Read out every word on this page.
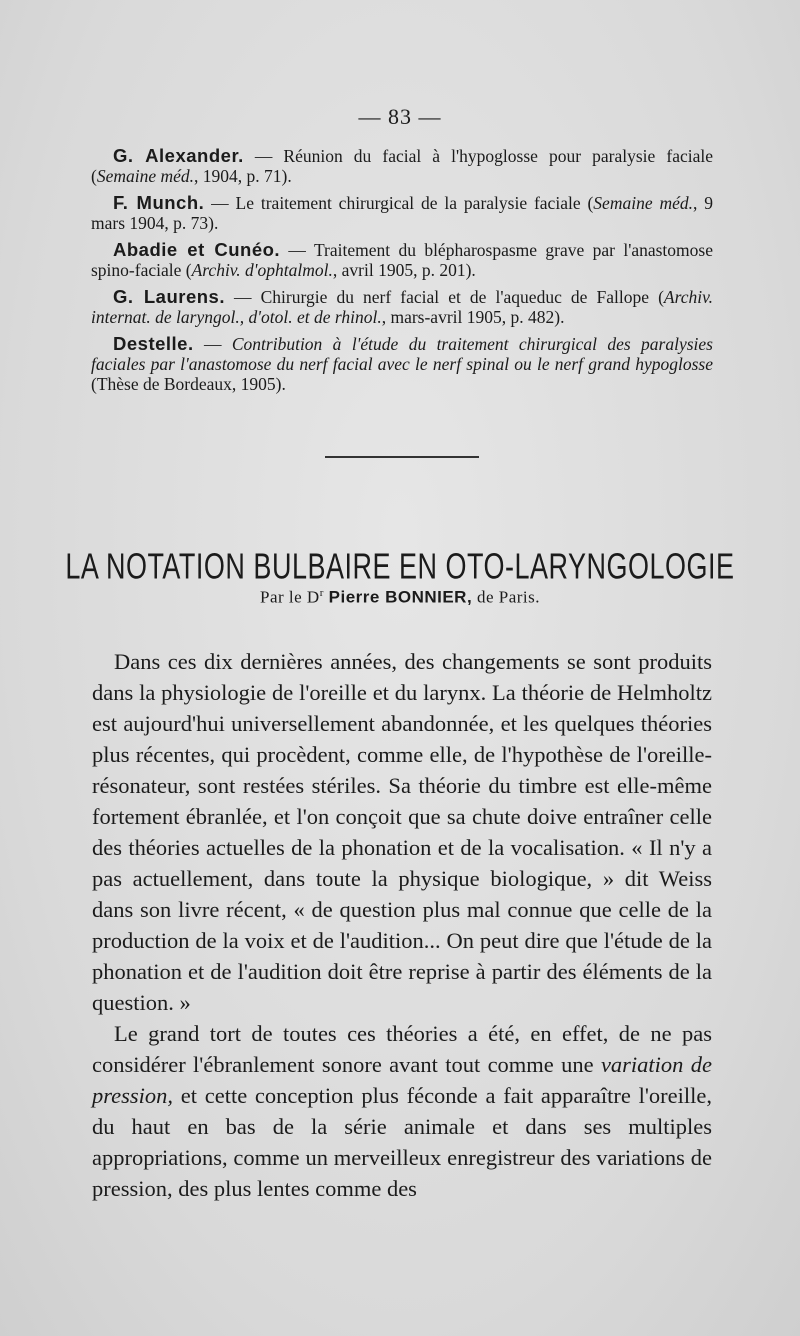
— 83 —

G. Alexander. — Réunion du facial à l'hypoglosse pour paralysie faciale (Semaine méd., 1904, p. 71).

F. Munch. — Le traitement chirurgical de la paralysie faciale (Semaine méd., 9 mars 1904, p. 73).

Abadie et Cunéo. — Traitement du blépharospasme grave par l'anastomose spino-faciale (Archiv. d'ophtalmol., avril 1905, p. 201).

G. Laurens. — Chirurgie du nerf facial et de l'aqueduc de Fallope (Archiv. internat. de laryngol., d'otol. et de rhinol., mars-avril 1905, p. 482).

Destelle. — Contribution à l'étude du traitement chirurgical des paralysies faciales par l'anastomose du nerf facial avec le nerf spinal ou le nerf grand hypoglosse (Thèse de Bordeaux, 1905).

LA NOTATION BULBAIRE EN OTO-LARYNGOLOGIE
Par le $D^r$ Pierre BONNIER, de Paris.

Dans ces dix dernières années, des changements se sont produits dans la physiologie de l'oreille et du larynx. La théorie de Helmholtz est aujourd'hui universellement abandonnée, et les quelques théories plus récentes, qui procèdent, comme elle, de l'hypothèse de l'oreille-résonateur, sont restées stériles. Sa théorie du timbre est elle-même fortement ébranlée, et l'on conçoit que sa chute doive entraîner celle des théories actuelles de la phonation et de la vocalisation. « Il n'y a pas actuellement, dans toute la physique biologique, » dit Weiss dans son livre récent, « de question plus mal connue que celle de la production de la voix et de l'audition... On peut dire que l'étude de la phonation et de l'audition doit être reprise à partir des éléments de la question. »

Le grand tort de toutes ces théories a été, en effet, de ne pas considérer l'ébranlement sonore avant tout comme une variation de pression, et cette conception plus féconde a fait apparaître l'oreille, du haut en bas de la série animale et dans ses multiples appropriations, comme un merveilleux enregistreur des variations de pression, des plus lentes comme des
